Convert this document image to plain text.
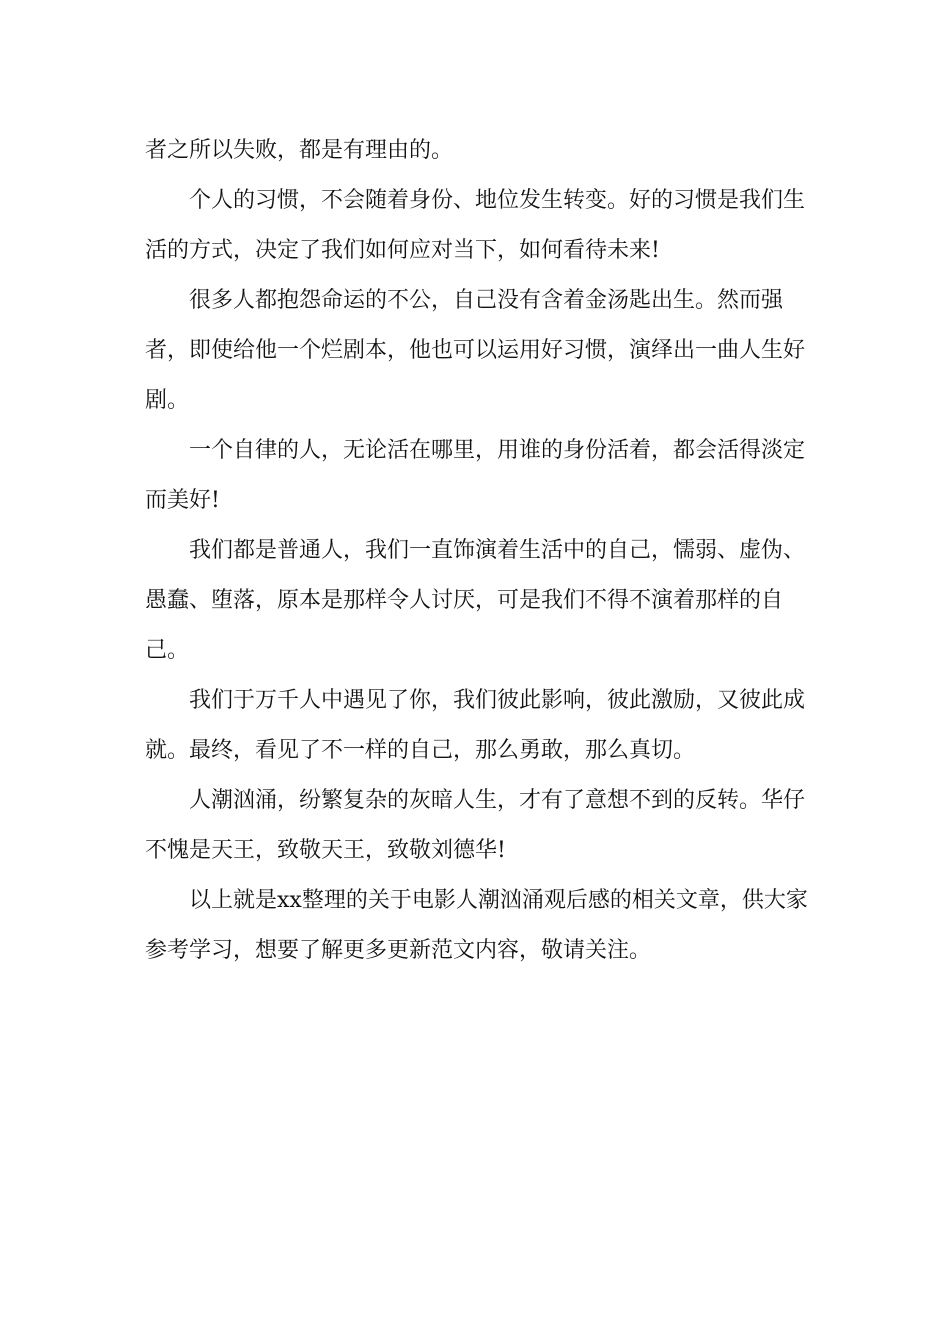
者之所以失败，都是有理由的。

个人的习惯，不会随着身份、地位发生转变。好的习惯是我们生活的方式，决定了我们如何应对当下，如何看待未来!

很多人都抱怨命运的不公，自己没有含着金汤匙出生。然而强者，即使给他一个烂剧本，他也可以运用好习惯，演绎出一曲人生好剧。

一个自律的人，无论活在哪里，用谁的身份活着，都会活得淡定而美好!

我们都是普通人，我们一直饰演着生活中的自己，懦弱、虚伪、愚蠢、堕落，原本是那样令人讨厌，可是我们不得不演着那样的自己。

我们于万千人中遇见了你，我们彼此影响，彼此激励，又彼此成就。最终，看见了不一样的自己，那么勇敢，那么真切。

人潮汹涌，纷繁复杂的灰暗人生，才有了意想不到的反转。华仔不愧是天王，致敬天王，致敬刘德华!

以上就是xx整理的关于电影人潮汹涌观后感的相关文章，供大家参考学习，想要了解更多更新范文内容，敬请关注。
